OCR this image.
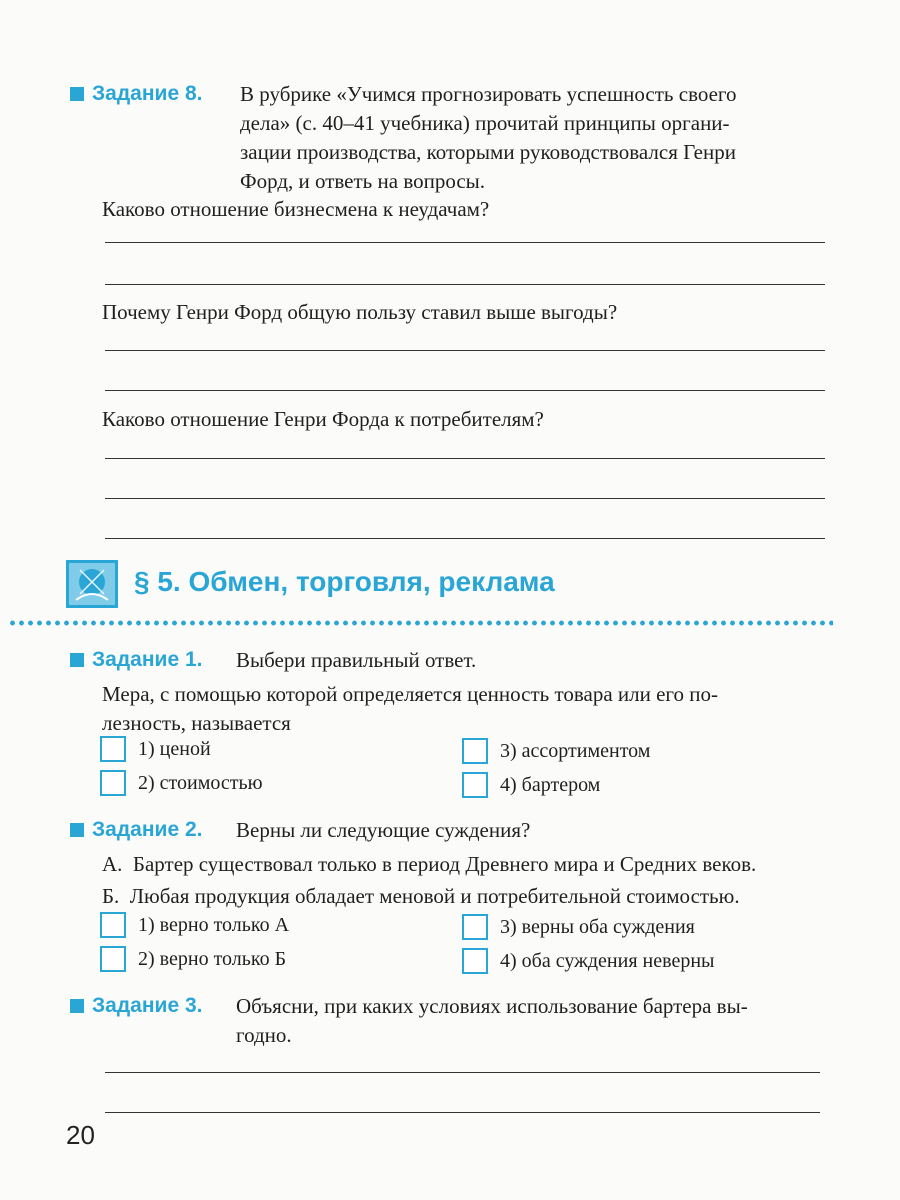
Задание 8. В рубрике «Учимся прогнозировать успешность своего
дела» (с. 40–41 учебника) прочитай принципы органи-
зации производства, которыми руководствовался Генри
Форд, и ответь на вопросы.
Каково отношение бизнесмена к неудачам?
Почему Генри Форд общую пользу ставил выше выгоды?
Каково отношение Генри Форда к потребителям?
§ 5. Обмен, торговля, реклама
Задание 1. Выбери правильный ответ.
Мера, с помощью которой определяется ценность товара или его по-
лезность, называется
1) ценой
2) стоимостью
3) ассортиментом
4) бартером
Задание 2. Верны ли следующие суждения?
А.  Бартер существовал только в период Древнего мира и Средних веков.
Б.  Любая продукция обладает меновой и потребительной стоимостью.
1) верно только А
2) верно только Б
3) верны оба суждения
4) оба суждения неверны
Задание 3. Объясни, при каких условиях использование бартера вы-
годно.
20
